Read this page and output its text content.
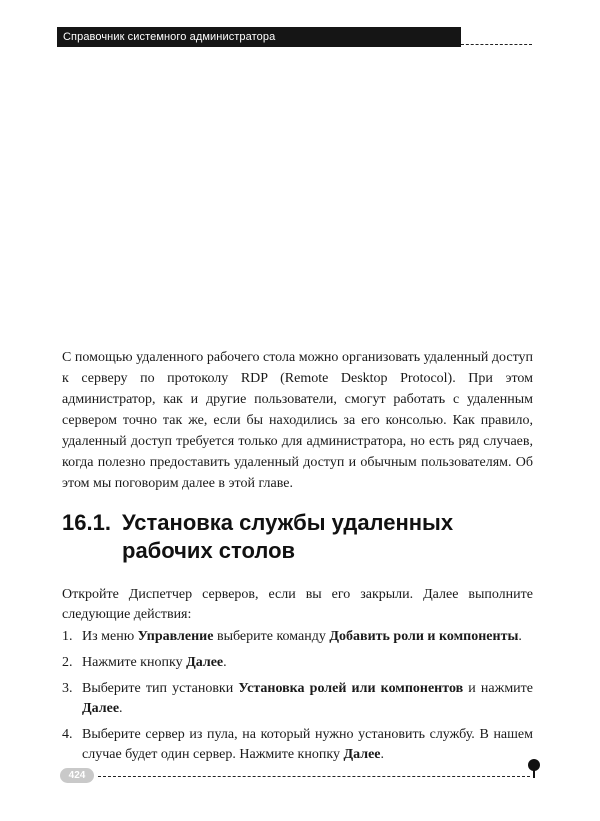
Справочник системного администратора

С помощью удаленного рабочего стола можно организовать удаленный доступ к серверу по протоколу RDP (Remote Desktop Protocol). При этом администратор, как и другие пользователи, смогут работать с удаленным сервером точно так же, если бы находились за его консолью. Как правило, удаленный доступ требуется только для администратора, но есть ряд случаев, когда полезно предоставить удаленный доступ и обычным пользователям. Об этом мы поговорим далее в этой главе.

16.1. Установка службы удаленных
рабочих столов

Откройте Диспетчер серверов, если вы его закрыли. Далее выполните следующие действия:

1. Из меню Управление выберите команду Добавить роли и компоненты.
2. Нажмите кнопку Далее.
3. Выберите тип установки Установка ролей или компонентов и нажмите Далее.
4. Выберите сервер из пула, на который нужно установить службу. В нашем случае будет один сервер. Нажмите кнопку Далее.
424
